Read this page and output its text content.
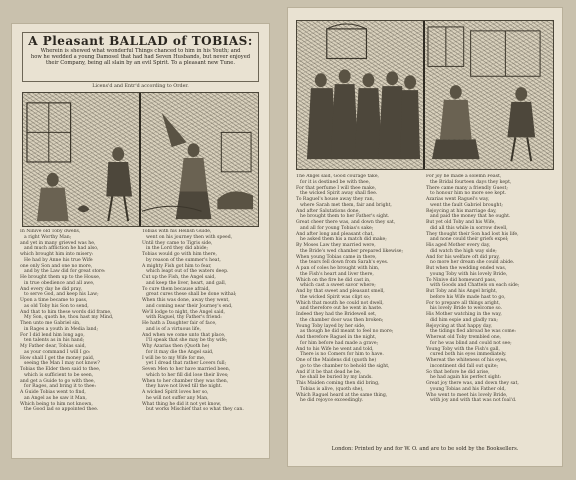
A Pleasant BALLAD of TOBIAS:
Wherein is shewed what wonderful Things chanced to him in his Youth; and
how he wedded a young Damosel that had had Seven Husbands, but never enjoyed
their Company, being all slain by an evil Spirit. To a pleasant new Tune.
Licens'd and Entr'd according to Order.
In Ninive old Toby dwells,
a right Worthy Man;
and yet in many grieved was he,
and much affliction he had also,
which brought him into misery:
He had by Anne his true Wife
one only Son and one no more,
and by the Law did for great store:
He brought them up to the House,
in true obedience and all awe,
And every day he did pray,
to serve God, and keep his Law;
Upon a time became to pass,
as old Toby his Son to send,
And that to him these words did frame,
My Son, quoth he, thou hast my Mind,
Then unto me Gabriel sin,
in Rages a youth in Media land;
For I did lend him long ago,
ten talents as in his hand;
My Father dear, Tobias said,
as your command I will I go:
How shall I get the money paid,
seeing the Man I may not know?
Tobias the Elder then said to thee,
which is sufficient to be seen,
and get a Guide to go with thee,
for Rages, and bring it to thee:
A Guide Tobias went to find,
an Angel as he saw it Man,
Which being to him not known,
the Good lad so appointed thee.
Tobias with his Hellish Guide,
went on his journey then with speed,
Until they came to Tigris side,
in the Lord they did abide;
Tobias would go with him there,
by reason of the summer's heat,
A mighty Fish got him to fear,
which leapt out of the waters deep.
Cut up the Fish, the Angel said,
and keep the liver, heart, and gall,
To cure them because afraid,
great cures these shall be done withal;
When this was done, away they went,
and coming near their Journey's end,
We'll lodge to night, the Angel said,
with Raguel, thy Father's friend:
He hath a Daughter fair of face,
and is of a virtuous life,
And when we come unto that place,
I'll speak that she may be thy wife;
Why Azarias then (Quoth he)
for it may die the Angel said,
I will be to my Wife for me,
yet I dread that rather Lovers full;
Seven Men to her have married been,
which to her fill did lose their lives;
When to her chamber they was then,
they have not lived till the night.
A wicked Spirit loves her so,
he will not suffer any Man,
What thing he did it not yet know,
but works Mischief that so what they can.
The Angel said, Good courage take,
for it is destined be with thee,
For that perfume I will thee make,
the wicked Spirit away shall flee.
To Raguel's house away they ran,
where Sarah met them, fair and bright,
And after Salutations done,
he brought them to her Father's sight.
Great cheer there was, and down they sat,
and all for young Tobias's sake;
And after long and pleasant chat,
he asked them his a match did make;
By Moses Law they married were,
the Bride's wed chamber prepared likewise;
When young Tobias came in there,
the tears fell down from Sarah's eyes.
A pan of coles he brought with him,
the Fish's heart and liver there,
Which on the fire he did cast in,
which cast a sweet savor where;
And by that sweet and pleasant smell,
the wicked Spirit was clipt so;
Which that mouth he could not dwell,
and therefore out he went in haste.
Indeed they had the Bridewell set,
the chamber door was then broken;
Young Toby layed by her side,
as though he did meant to feel no more;
And therefore Raguel in the night,
for him before had made a grave;
And to his Wife he went and told,
There is no Comers for him to have.
One of the Maidens did (quoth he)
go to the chamber to behold the sight,
And if it be that dead he be,
he shall be buried by my lands.
This Maiden coming then did bring,
Tobias is alive, (quoth she),
Which Raguel heard at the same thing,
he did rejoyce exceedingly.
For joy he made a solemn Feast,
the Bridal fourteen days they kept,
There came many a friendly Guest;
to honour him no more see kept.
Azarias went Raguel's way,
went the fault Gabriel brought;
Rejoycing at his marriage day,
and paid the money that he ought.
But yet old Toby and his Wife,
did all this while in sorrow dwell,
They thought their Son had lost his life,
and none could their griefs expel;
His aged Mother every day,
did watch the high way side;
And for his welfare oft did pray,
no more her dream she could abide.
But when the wedding ended was,
young Toby with his lovely Bride,
To Ninive did homeward pass,
with Goods and Chattels on each side;
But Toby and his Angel bright,
before his Wife made hast to go,
For to prepare all things aright,
his lovely Bride to welcome so.
His Mother watching in the way,
did him espie and gladly ran;
Rejoycing at that happy day,
the tidings fled abroad he was come:
Whereat old Toby trembled one,
for he was blind and could not see;
Young Toby with the Fish's gall,
cured both his eyes immediately.
Whereat the whiteness of his eyes,
incontinent did fall out quite;
So that before he did arise,
he had again his perfect sight:
Great joy there was, and down they sat,
young Tobias and his Father old,
Who went to meet his lovely Bride,
with joy and with that was not foal'd.
London: Printed by and for W. O. and are to be sold by the Booksellers.
